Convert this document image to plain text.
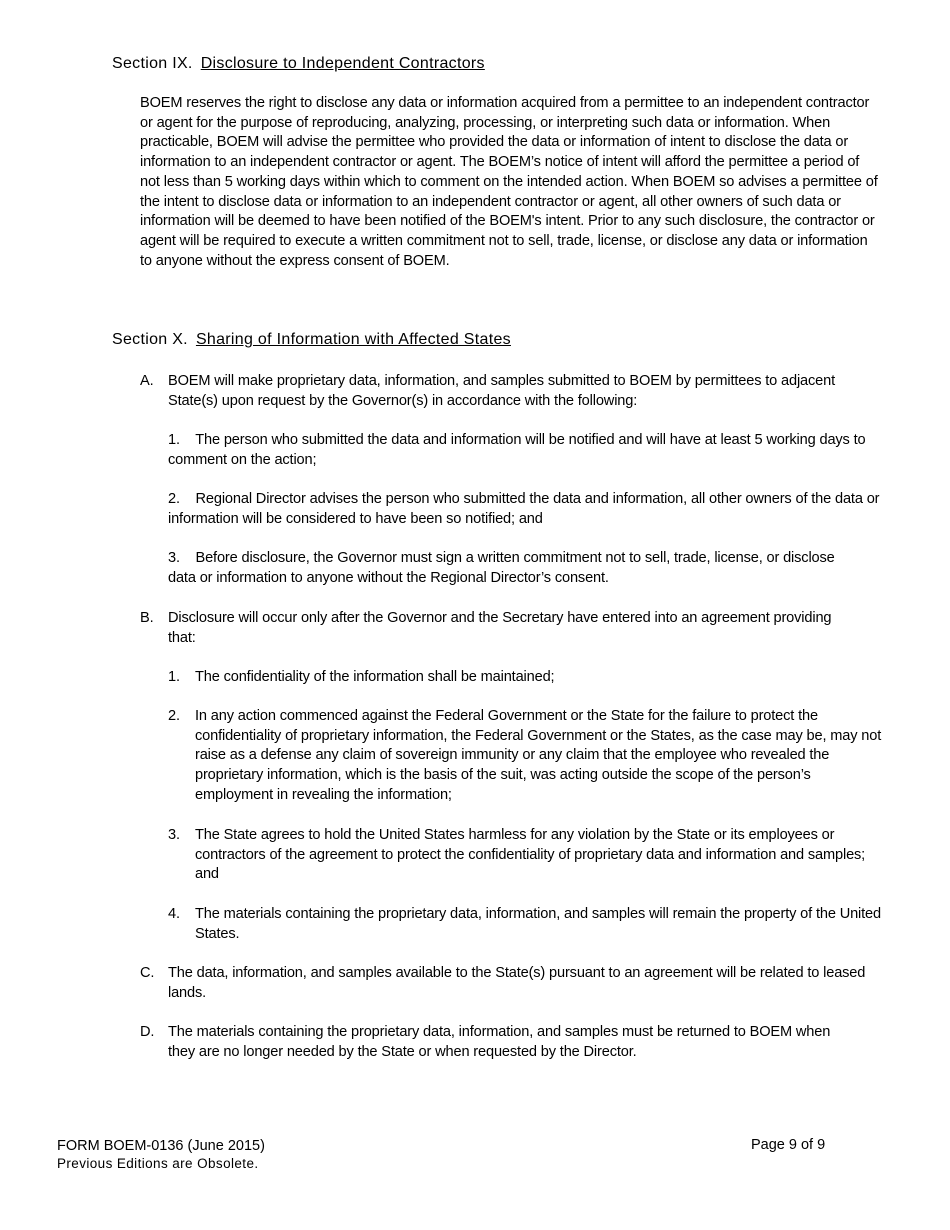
Section IX. Disclosure to Independent Contractors
BOEM reserves the right to disclose any data or information acquired from a permittee to an independent contractor or agent for the purpose of reproducing, analyzing, processing, or interpreting such data or information. When practicable, BOEM will advise the permittee who provided the data or information of intent to disclose the data or information to an independent contractor or agent. The BOEM’s notice of intent will afford the permittee a period of not less than 5 working days within which to comment on the intended action. When BOEM so advises a permittee of the intent to disclose data or information to an independent contractor or agent, all other owners of such data or information will be deemed to have been notified of the BOEM's intent. Prior to any such disclosure, the contractor or agent will be required to execute a written commitment not to sell, trade, license, or disclose any data or information to anyone without the express consent of BOEM.
Section X. Sharing of Information with Affected States
A. BOEM will make proprietary data, information, and samples submitted to BOEM by permittees to adjacent State(s) upon request by the Governor(s) in accordance with the following:
1. The person who submitted the data and information will be notified and will have at least 5 working days to comment on the action;
2. Regional Director advises the person who submitted the data and information, all other owners of the data or information will be considered to have been so notified; and
3. Before disclosure, the Governor must sign a written commitment not to sell, trade, license, or disclose data or information to anyone without the Regional Director’s consent.
B. Disclosure will occur only after the Governor and the Secretary have entered into an agreement providing that:
1. The confidentiality of the information shall be maintained;
2. In any action commenced against the Federal Government or the State for the failure to protect the confidentiality of proprietary information, the Federal Government or the States, as the case may be, may not raise as a defense any claim of sovereign immunity or any claim that the employee who revealed the proprietary information, which is the basis of the suit, was acting outside the scope of the person’s employment in revealing the information;
3. The State agrees to hold the United States harmless for any violation by the State or its employees or contractors of the agreement to protect the confidentiality of proprietary data and information and samples; and
4. The materials containing the proprietary data, information, and samples will remain the property of the United States.
C. The data, information, and samples available to the State(s) pursuant to an agreement will be related to leased lands.
D. The materials containing the proprietary data, information, and samples must be returned to BOEM when they are no longer needed by the State or when requested by the Director.
FORM BOEM-0136 (June 2015)
Previous Editions are Obsolete.
Page 9 of 9
